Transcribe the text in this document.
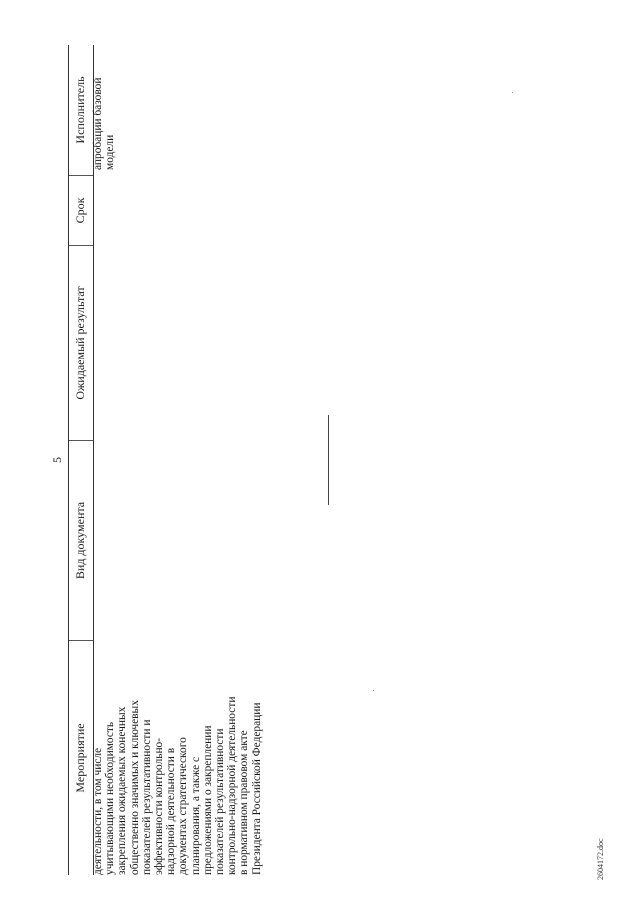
5
Мероприятие
Вид документа
Ожидаемый результат
Срок
Исполнитель
деятельности, в том числе учитывающими необходимость закрепления ожидаемых конечных общественно значимых и ключевых показателей результативности и эффективности контрольно- надзорной деятельности в документах стратегического планирования, а также с предложениями о закреплении показателей результативности контрольно-надзорной деятельности в нормативном правовом акте Президента Российской Федерации
апробации базовой модели
2604172.doc
